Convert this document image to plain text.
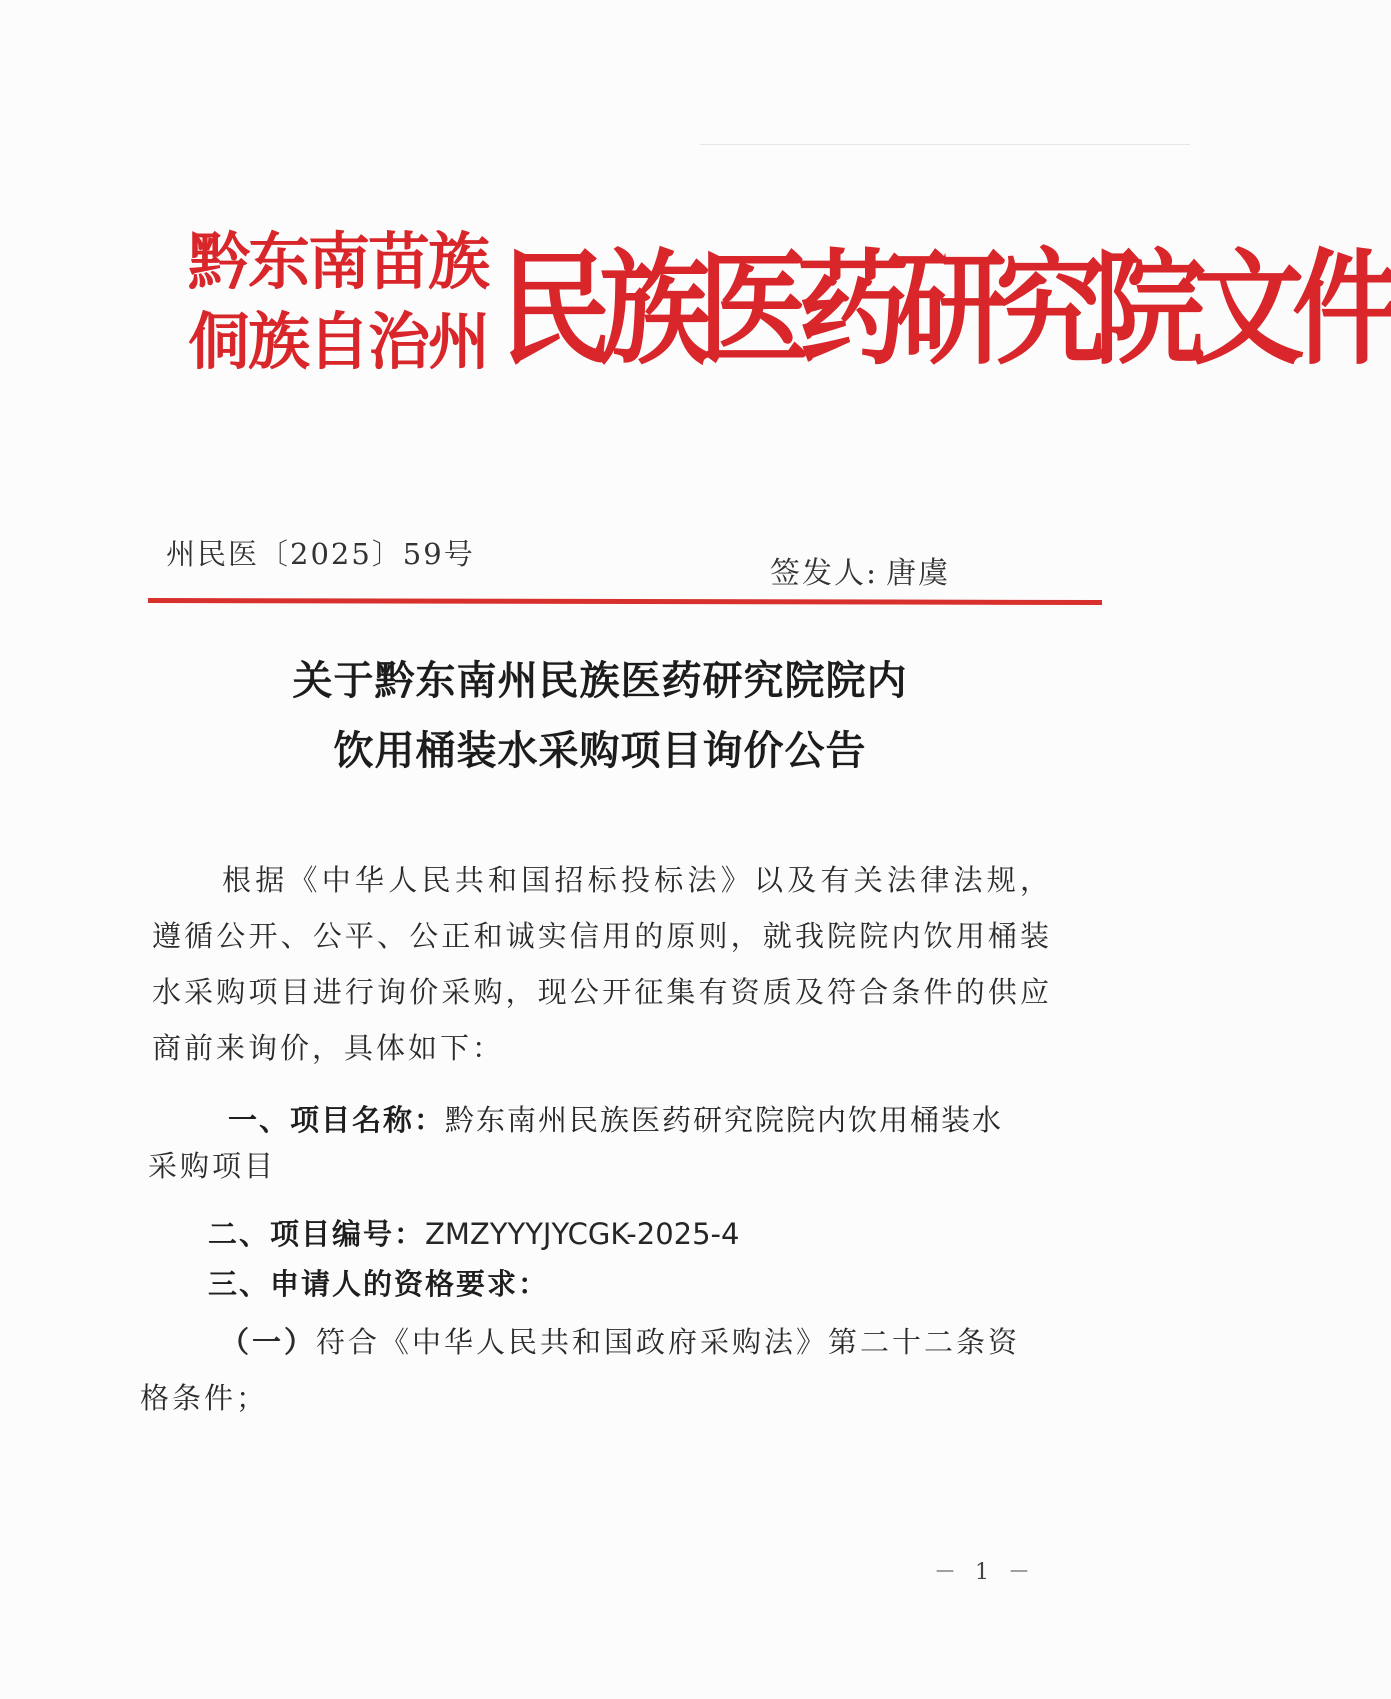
黔东南苗族
侗族自治州 民族医药研究院文件
州民医〔2025〕59号
签发人: 唐虞
关于黔东南州民族医药研究院院内
饮用桶装水采购项目询价公告
根据《中华人民共和国招标投标法》以及有关法律法规，遵循公开、公平、公正和诚实信用的原则，就我院院内饮用桶装水采购项目进行询价采购，现公开征集有资质及符合条件的供应商前来询价，具体如下：
一、项目名称：黔东南州民族医药研究院院内饮用桶装水
采购项目
二、项目编号：ZMZYYYJYCGK-2025-4
三、申请人的资格要求：
（一）符合《中华人民共和国政府采购法》第二十二条资格条件；
－ 1 －
